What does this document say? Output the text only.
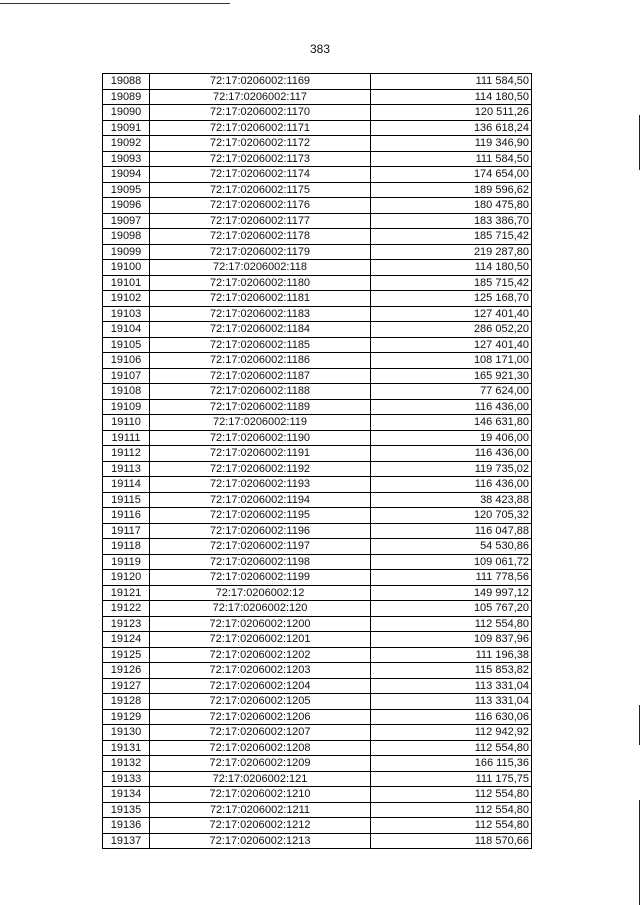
383
19088	72:17:0206002:1169	111 584,50
19089	72:17:0206002:117	114 180,50
19090	72:17:0206002:1170	120 511,26
19091	72:17:0206002:1171	136 618,24
19092	72:17:0206002:1172	119 346,90
19093	72:17:0206002:1173	111 584,50
19094	72:17:0206002:1174	174 654,00
19095	72:17:0206002:1175	189 596,62
19096	72:17:0206002:1176	180 475,80
19097	72:17:0206002:1177	183 386,70
19098	72:17:0206002:1178	185 715,42
19099	72:17:0206002:1179	219 287,80
19100	72:17:0206002:118	114 180,50
19101	72:17:0206002:1180	185 715,42
19102	72:17:0206002:1181	125 168,70
19103	72:17:0206002:1183	127 401,40
19104	72:17:0206002:1184	286 052,20
19105	72:17:0206002:1185	127 401,40
19106	72:17:0206002:1186	108 171,00
19107	72:17:0206002:1187	165 921,30
19108	72:17:0206002:1188	77 624,00
19109	72:17:0206002:1189	116 436,00
19110	72:17:0206002:119	146 631,80
19111	72:17:0206002:1190	19 406,00
19112	72:17:0206002:1191	116 436,00
19113	72:17:0206002:1192	119 735,02
19114	72:17:0206002:1193	116 436,00
19115	72:17:0206002:1194	38 423,88
19116	72:17:0206002:1195	120 705,32
19117	72:17:0206002:1196	116 047,88
19118	72:17:0206002:1197	54 530,86
19119	72:17:0206002:1198	109 061,72
19120	72:17:0206002:1199	111 778,56
19121	72:17:0206002:12	149 997,12
19122	72:17:0206002:120	105 767,20
19123	72:17:0206002:1200	112 554,80
19124	72:17:0206002:1201	109 837,96
19125	72:17:0206002:1202	111 196,38
19126	72:17:0206002:1203	115 853,82
19127	72:17:0206002:1204	113 331,04
19128	72:17:0206002:1205	113 331,04
19129	72:17:0206002:1206	116 630,06
19130	72:17:0206002:1207	112 942,92
19131	72:17:0206002:1208	112 554,80
19132	72:17:0206002:1209	166 115,36
19133	72:17:0206002:121	111 175,75
19134	72:17:0206002:1210	112 554,80
19135	72:17:0206002:1211	112 554,80
19136	72:17:0206002:1212	112 554,80
19137	72:17:0206002:1213	118 570,66
